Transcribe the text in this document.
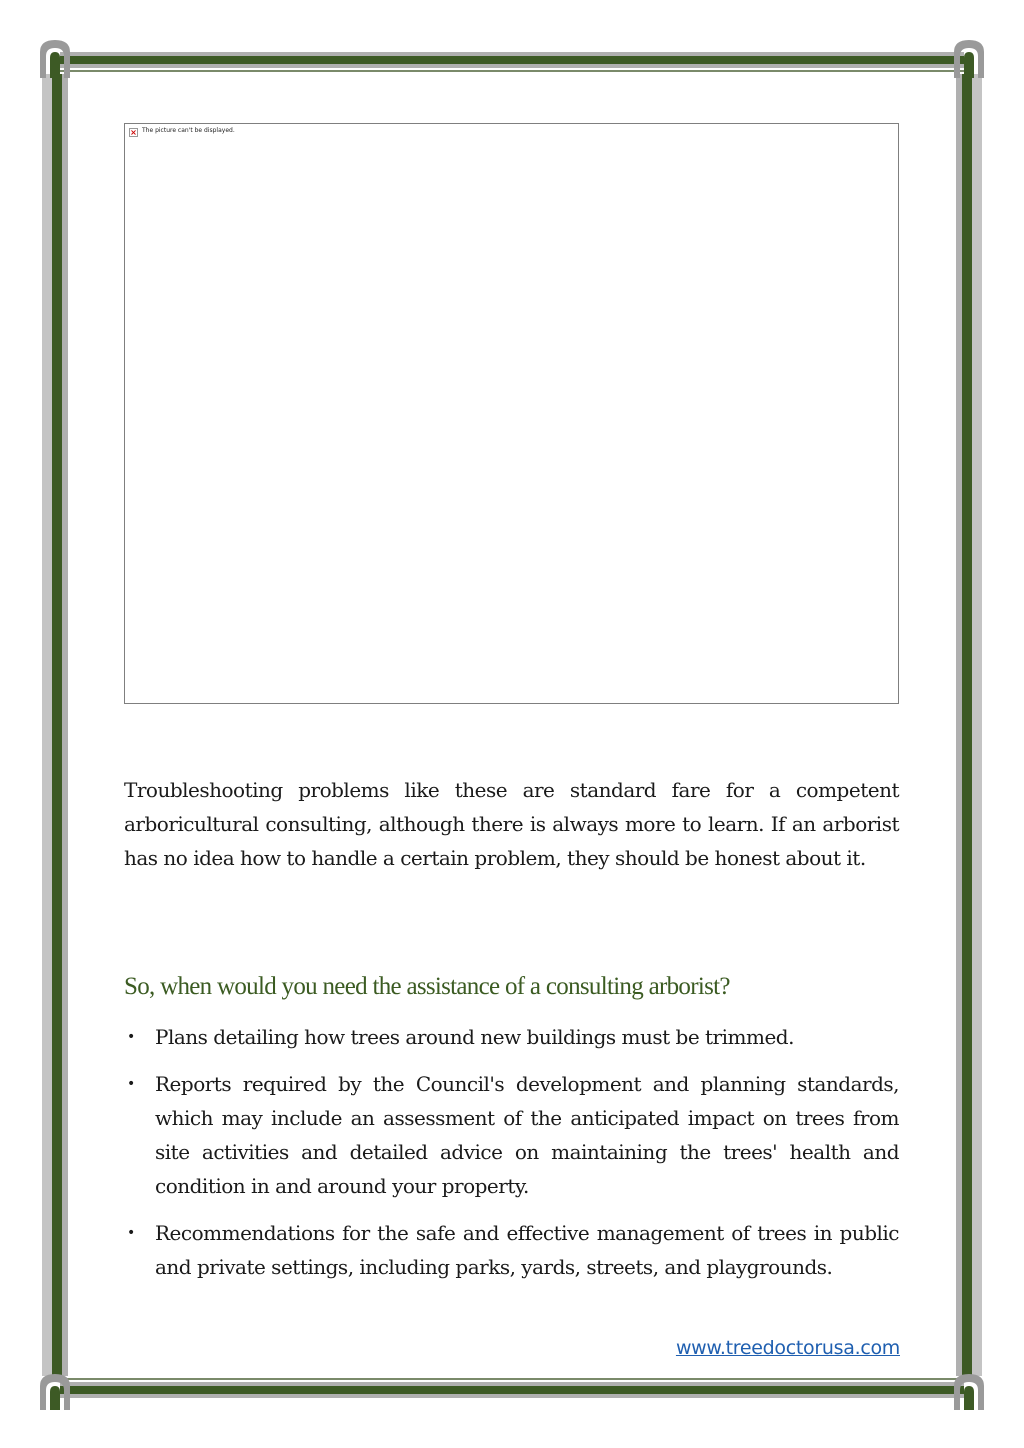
× The picture can't be displayed.

Troubleshooting problems like these are standard fare for a competent arboricultural consulting, although there is always more to learn. If an arborist has no idea how to handle a certain problem, they should be honest about it.

So, when would you need the assistance of a consulting arborist?
• Plans detailing how trees around new buildings must be trimmed.
• Reports required by the Council's development and planning standards, which may include an assessment of the anticipated impact on trees from site activities and detailed advice on maintaining the trees' health and condition in and around your property.
• Recommendations for the safe and effective management of trees in public and private settings, including parks, yards, streets, and playgrounds.
www.treedoctorusa.com
